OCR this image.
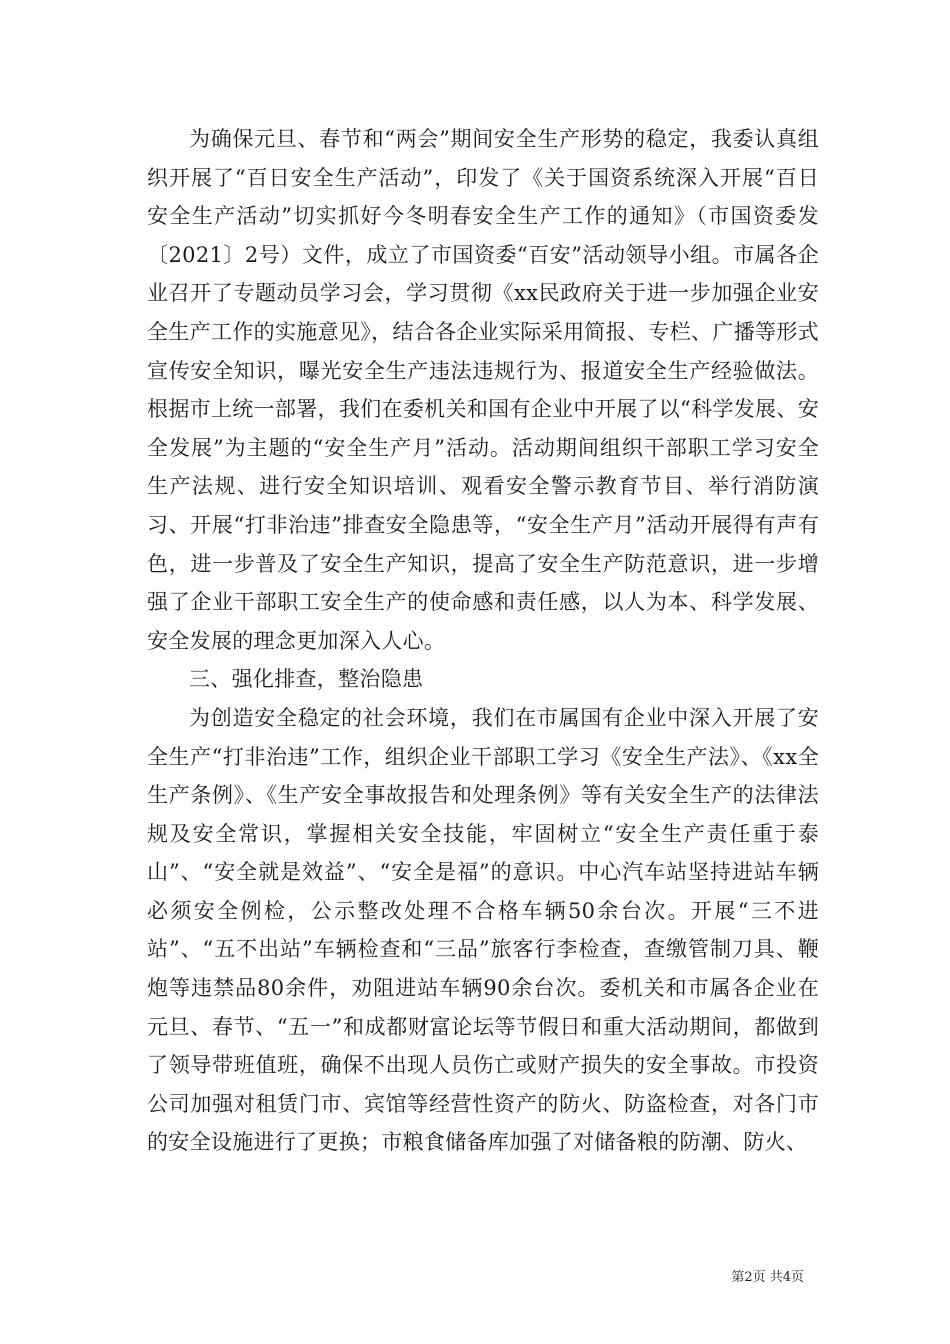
为确保元旦、春节和“两会”期间安全生产形势的稳定，我委认真组织开展了“百日安全生产活动”，印发了《关于国资系统深入开展“百日安全生产活动”切实抓好今冬明春安全生产工作的通知》（市国资委发〔2021〕2号）文件，成立了市国资委“百安”活动领导小组。市属各企业召开了专题动员学习会，学习贯彻《xx民政府关于进一步加强企业安全生产工作的实施意见》，结合各企业实际采用简报、专栏、广播等形式宣传安全知识，曝光安全生产违法违规行为、报道安全生产经验做法。根据市上统一部署，我们在委机关和国有企业中开展了以“科学发展、安全发展”为主题的“安全生产月”活动。活动期间组织干部职工学习安全生产法规、进行安全知识培训、观看安全警示教育节目、举行消防演习、开展“打非治违”排查安全隐患等，“安全生产月”活动开展得有声有色，进一步普及了安全生产知识，提高了安全生产防范意识，进一步增强了企业干部职工安全生产的使命感和责任感，以人为本、科学发展、安全发展的理念更加深入人心。

三、强化排查，整治隐患

为创造安全稳定的社会环境，我们在市属国有企业中深入开展了安全生产“打非治违”工作，组织企业干部职工学习《安全生产法》、《xx全生产条例》、《生产安全事故报告和处理条例》等有关安全生产的法律法规及安全常识，掌握相关安全技能，牢固树立“安全生产责任重于泰山”、“安全就是效益”、“安全是福”的意识。中心汽车站坚持进站车辆必须安全例检，公示整改处理不合格车辆50余台次。开展“三不进站”、“五不出站”车辆检查和“三品”旅客行李检查，查缴管制刀具、鞭炮等违禁品80余件，劝阻进站车辆90余台次。委机关和市属各企业在元旦、春节、“五一”和成都财富论坛等节假日和重大活动期间，都做到了领导带班值班，确保不出现人员伤亡或财产损失的安全事故。市投资公司加强对租赁门市、宾馆等经营性资产的防火、防盗检查，对各门市的安全设施进行了更换；市粮食储备库加强了对储备粮的防潮、防火、

第2页 共4页
